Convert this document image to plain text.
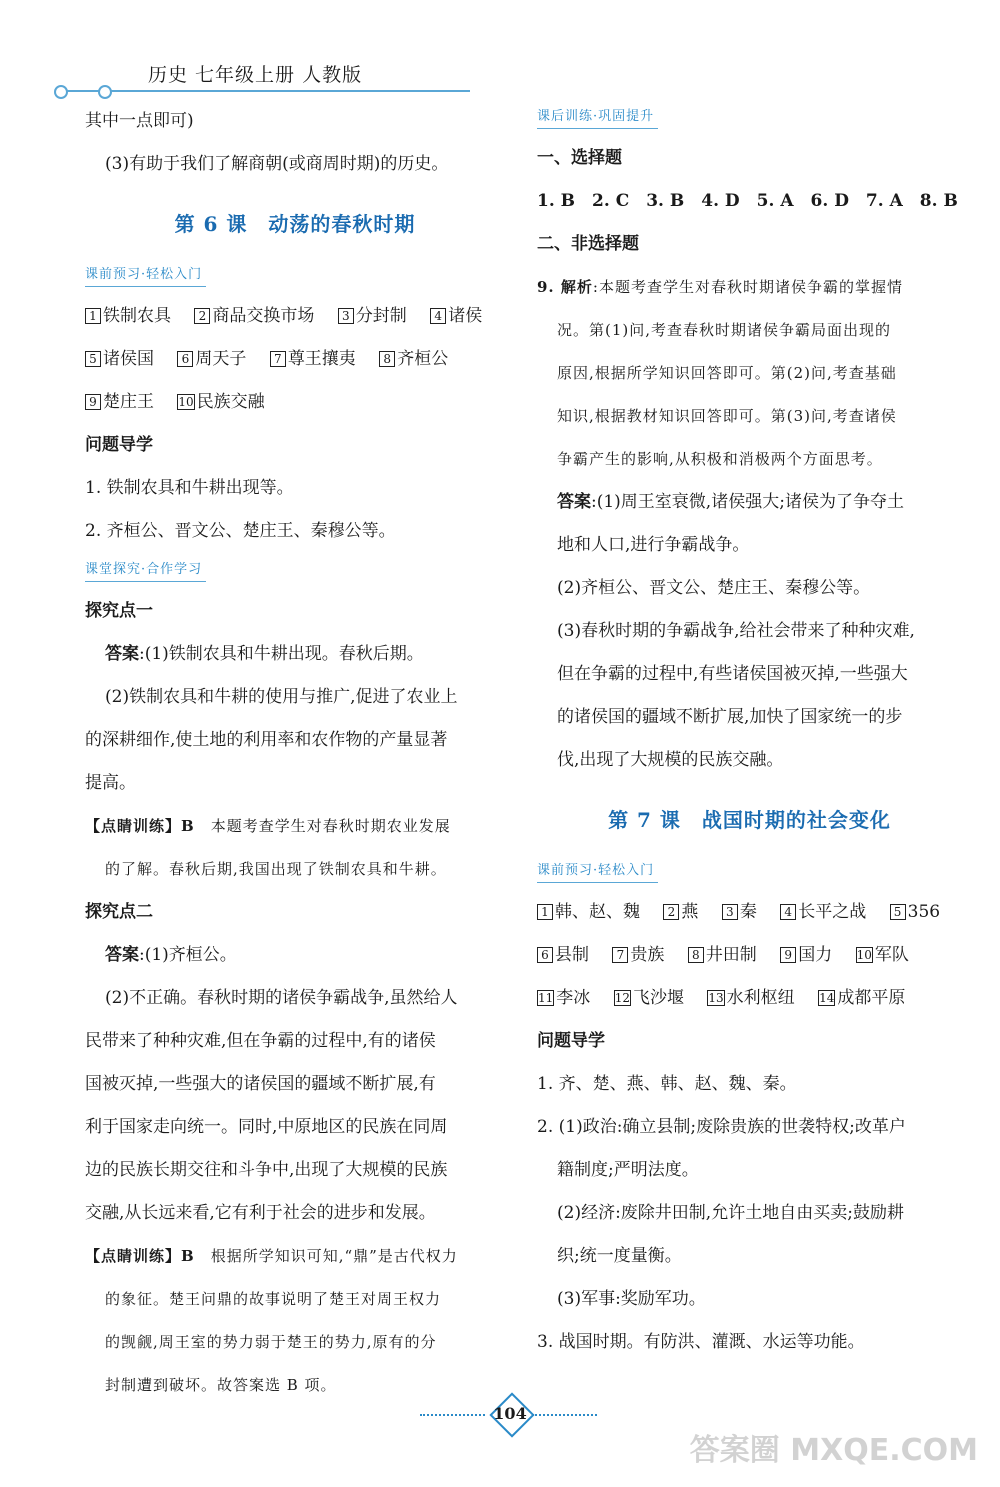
历史 七年级上册 人教版

其中一点即可)

(3)有助于我们了解商朝(或商周时期)的历史。

第 6 课　动荡的春秋时期
课前预习·轻松入门

1 铁制农具 2 商品交换市场 3 分封制 4 诸侯

5 诸侯国 6 周天子 7 尊王攘夷 8 齐桓公

9 楚庄王 10 民族交融

问题导学

1. 铁制农具和牛耕出现等。

2. 齐桓公、晋文公、楚庄王、秦穆公等。

课堂探究·合作学习

探究点一

答案:(1)铁制农具和牛耕出现。春秋后期。

(2)铁制农具和牛耕的使用与推广,促进了农业上

的深耕细作,使土地的利用率和农作物的产量显著

提高。

【点睛训练】B　 本题考查学生对春秋时期农业发展

的了解。春秋后期,我国出现了铁制农具和牛耕。

探究点二

答案:(1)齐桓公。

(2)不正确。春秋时期的诸侯争霸战争,虽然给人

民带来了种种灾难,但在争霸的过程中,有的诸侯

国被灭掉,一些强大的诸侯国的疆域不断扩展,有

利于国家走向统一。同时,中原地区的民族在同周

边的民族长期交往和斗争中,出现了大规模的民族

交融,从长远来看,它有利于社会的进步和发展。

【点睛训练】B　 根据所学知识可知,“鼎”是古代权力

的象征。楚王问鼎的故事说明了楚王对周王权力

的觊觎,周王室的势力弱于楚王的势力,原有的分

封制遭到破坏。故答案选 B 项。

课后训练·巩固提升

一、选择题

1. B　2. C　3. B　4. D　5. A　6. D　7. A　8. B

二、非选择题

9. 解析:本题考查学生对春秋时期诸侯争霸的掌握情

况。第(1)问,考查春秋时期诸侯争霸局面出现的

原因,根据所学知识回答即可。第(2)问,考查基础

知识,根据教材知识回答即可。第(3)问,考查诸侯

争霸产生的影响,从积极和消极两个方面思考。

答案:(1)周王室衰微,诸侯强大;诸侯为了争夺土

地和人口,进行争霸战争。

(2)齐桓公、晋文公、楚庄王、秦穆公等。

(3)春秋时期的争霸战争,给社会带来了种种灾难,

但在争霸的过程中,有些诸侯国被灭掉,一些强大

的诸侯国的疆域不断扩展,加快了国家统一的步

伐,出现了大规模的民族交融。

第 7 课　战国时期的社会变化
课前预习·轻松入门

1 韩、赵、魏 2 燕 3 秦 4 长平之战 5 356

6 县制 7 贵族 8 井田制 9 国力 10 军队

11 李冰 12 飞沙堰 13 水利枢纽 14 成都平原

问题导学

1. 齐、楚、燕、韩、赵、魏、秦。

2. (1)政治:确立县制;废除贵族的世袭特权;改革户

籍制度;严明法度。

(2)经济:废除井田制,允许土地自由买卖;鼓励耕

织;统一度量衡。

(3)军事:奖励军功。

3. 战国时期。有防洪、灌溉、水运等功能。

104
答案圈 MXQE.COM
